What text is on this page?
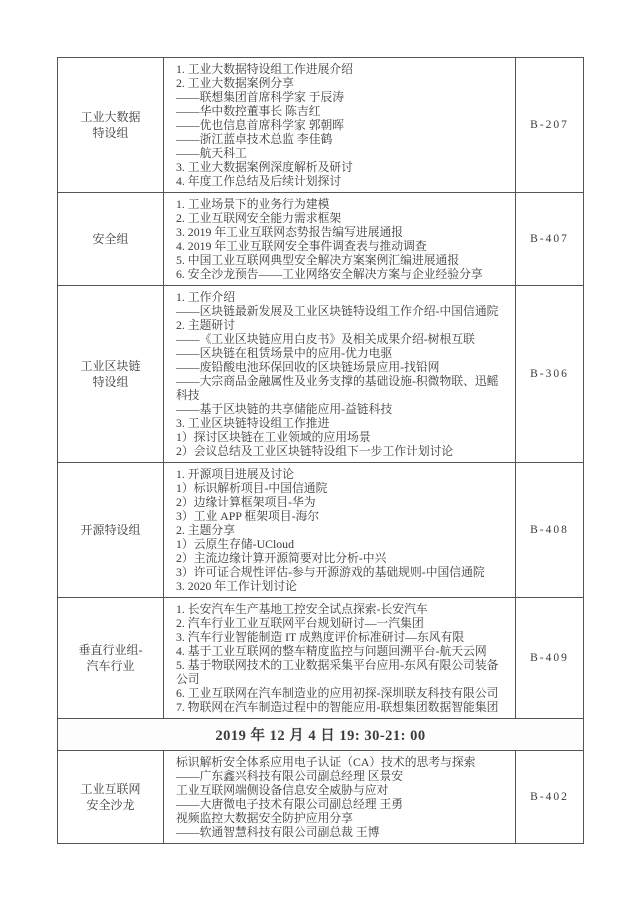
工业大数据
特设组

1. 工业大数据特设组工作进展介绍
2. 工业大数据案例分享
——联想集团首席科学家 于辰涛
——华中数控董事长 陈吉红
——优也信息首席科学家 郭朝晖
——浙江蓝卓技术总监 李佳鹤
——航天科工
3. 工业大数据案例深度解析及研讨
4. 年度工作总结及后续计划探讨
	B-207

安全组

1. 工业场景下的业务行为建模
2. 工业互联网安全能力需求框架
3. 2019 年工业互联网态势报告编写进展通报
4. 2019 年工业互联网安全事件调查表与推动调查
5. 中国工业互联网典型安全解决方案案例汇编进展通报
6. 安全沙龙预告——工业网络安全解决方案与企业经验分享
	B-407

工业区块链
特设组

1. 工作介绍
——区块链最新发展及工业区块链特设组工作介绍-中国信通院
2. 主题研讨
——《工业区块链应用白皮书》及相关成果介绍-树根互联
——区块链在租赁场景中的应用-优力电驱
——废铅酸电池环保回收的区块链场景应用-找铅网
——大宗商品金融属性及业务支撑的基础设施-积微物联、迅鳐科技
——基于区块链的共享储能应用-益链科技
3. 工业区块链特设组工作推进
1）探讨区块链在工业领域的应用场景
2）会议总结及工业区块链特设组下一步工作计划讨论
	B-306

开源特设组

1. 开源项目进展及讨论
1）标识解析项目-中国信通院
2）边缘计算框架项目-华为
3）工业 APP 框架项目-海尔
2. 主题分享
1）云原生存储-UCloud
2）主流边缘计算开源简要对比分析-中兴
3）许可证合规性评估-参与开源游戏的基础规则-中国信通院
3. 2020 年工作计划讨论
	B-408

垂直行业组-
汽车行业

1. 长安汽车生产基地工控安全试点探索-长安汽车
2. 汽车行业工业互联网平台规划研讨—一汽集团
3. 汽车行业智能制造 IT 成熟度评价标准研讨—东风有限
4. 基于工业互联网的整车精度监控与问题回溯平台-航天云网
5. 基于物联网技术的工业数据采集平台应用-东风有限公司装备公司
6. 工业互联网在汽车制造业的应用初探-深圳联友科技有限公司
7. 物联网在汽车制造过程中的智能应用-联想集团数据智能集团
	B-409
2019 年 12 月 4 日 19: 30-21: 00		

工业互联网
安全沙龙

标识解析安全体系应用电子认证（CA）技术的思考与探索
——广东鑫兴科技有限公司副总经理 区景安
工业互联网端侧设备信息安全威胁与应对
——大唐微电子技术有限公司副总经理 王勇
视频监控大数据安全防护应用分享
——软通智慧科技有限公司副总裁 王博
	B-402
